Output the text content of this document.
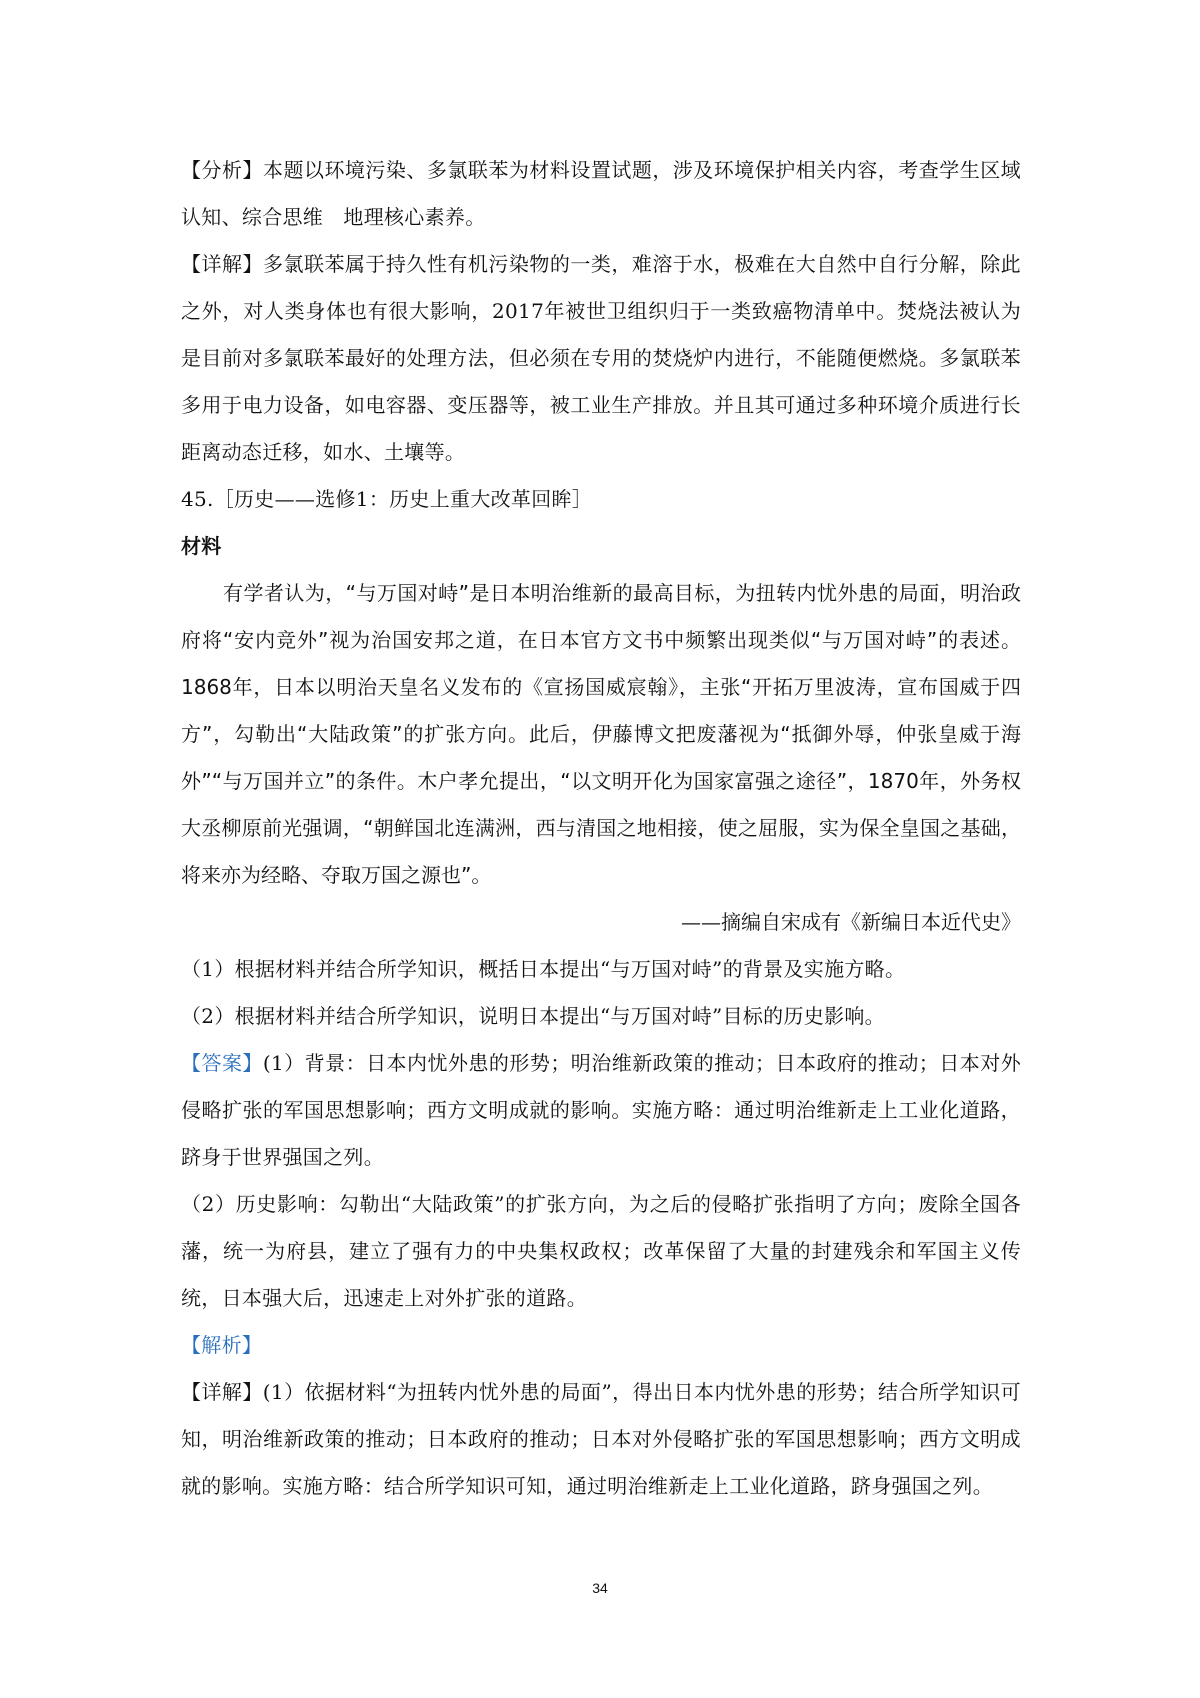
【分析】本题以环境污染、多氯联苯为材料设置试题，涉及环境保护相关内容，考查学生区域认知、综合思维　地理核心素养。
【详解】多氯联苯属于持久性有机污染物的一类，难溶于水，极难在大自然中自行分解，除此之外，对人类身体也有很大影响，2017年被世卫组织归于一类致癌物清单中。焚烧法被认为是目前对多氯联苯最好的处理方法，但必须在专用的焚烧炉内进行，不能随便燃烧。多氯联苯多用于电力设备，如电容器、变压器等，被工业生产排放。并且其可通过多种环境介质进行长距离动态迁移，如水、土壤等。
45.［历史——选修1：历史上重大改革回眸］
材料
有学者认为，“与万国对峙”是日本明治维新的最高目标，为扭转内忧外患的局面，明治政府将“安内竞外”视为治国安邦之道，在日本官方文书中频繁出现类似“与万国对峙”的表述。1868年，日本以明治天皇名义发布的《宣扬国威宸翰》，主张“开拓万里波涛，宣布国威于四方”，勾勒出“大陆政策”的扩张方向。此后，伊藤博文把废藩视为“抵御外辱，仲张皇威于海外”“与万国并立”的条件。木户孝允提出，“以文明开化为国家富强之途径”，1870年，外务权大丞柳原前光强调，“朝鲜国北连满洲，西与清国之地相接，使之屈服，实为保全皇国之基础，将来亦为经略、夺取万国之源也”。
——摘编自宋成有《新编日本近代史》
（1）根据材料并结合所学知识，概括日本提出“与万国对峙”的背景及实施方略。
（2）根据材料并结合所学知识，说明日本提出“与万国对峙”目标的历史影响。
【答案】(1）背景：日本内忧外患的形势；明治维新政策的推动；日本政府的推动；日本对外侵略扩张的军国思想影响；西方文明成就的影响。实施方略：通过明治维新走上工业化道路，跻身于世界强国之列。
（2）历史影响：勾勒出“大陆政策”的扩张方向，为之后的侵略扩张指明了方向；废除全国各藩，统一为府县，建立了强有力的中央集权政权；改革保留了大量的封建残余和军国主义传统，日本强大后，迅速走上对外扩张的道路。
【解析】
【详解】(1）依据材料“为扭转内忧外患的局面”，得出日本内忧外患的形势；结合所学知识可知，明治维新政策的推动；日本政府的推动；日本对外侵略扩张的军国思想影响；西方文明成就的影响。实施方略：结合所学知识可知，通过明治维新走上工业化道路，跻身强国之列。
34
